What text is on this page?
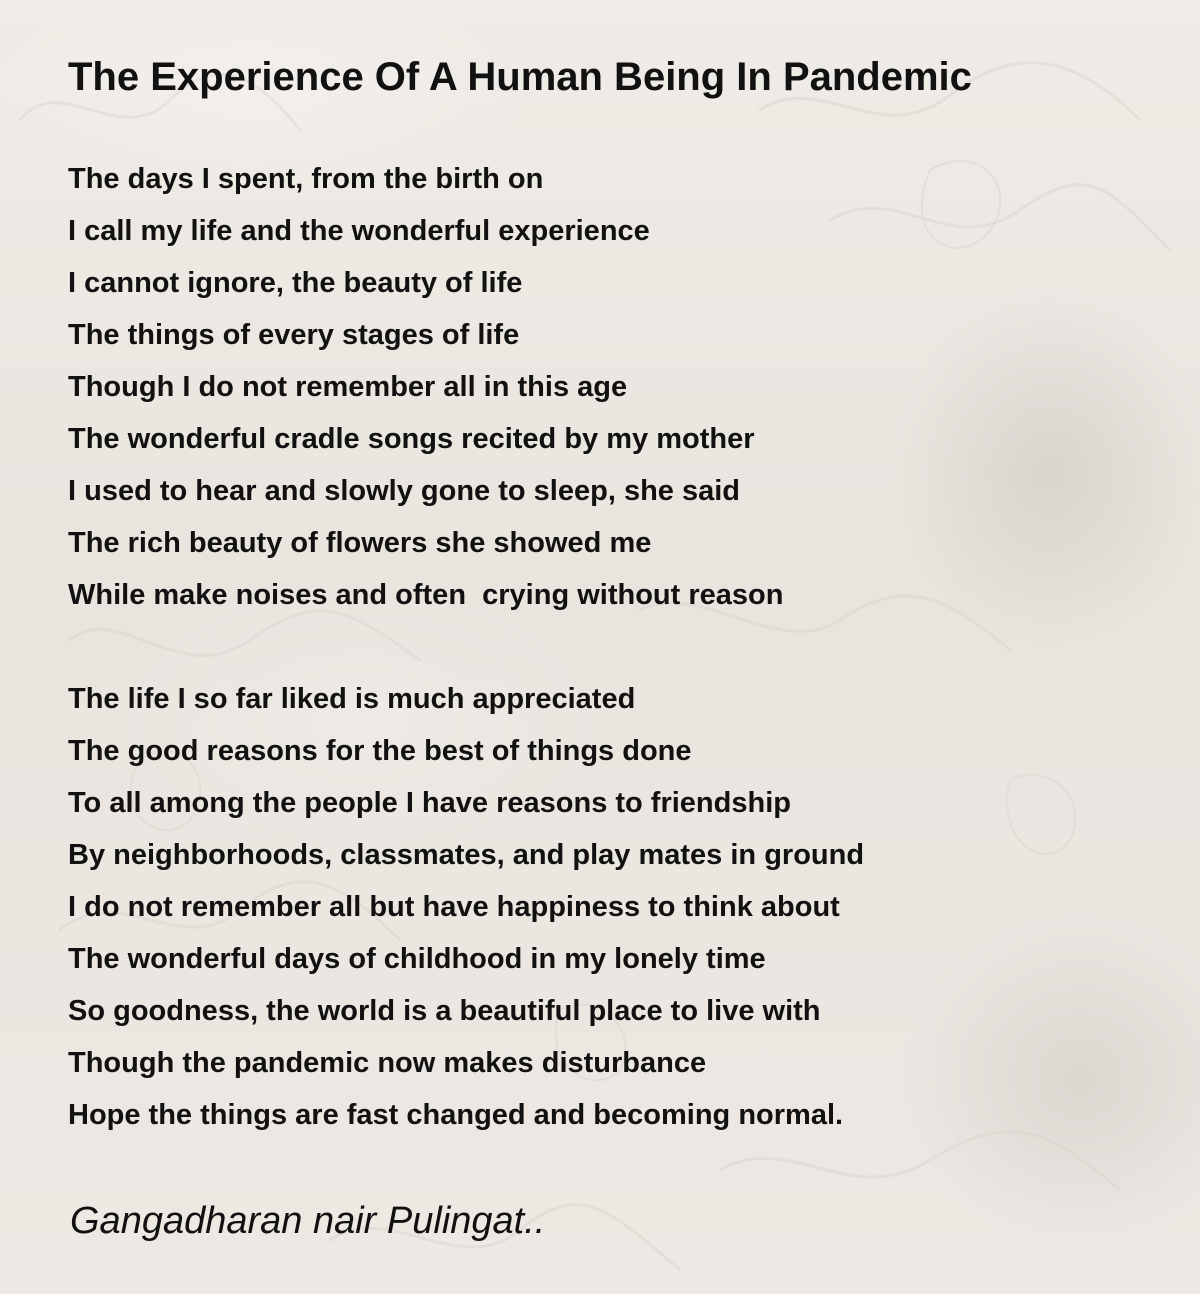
The Experience Of A Human Being In Pandemic
The days I spent, from the birth on
I call my life and the wonderful experience
I cannot ignore, the beauty of life
The things of every stages of life
Though I do not remember all in this age
The wonderful cradle songs recited by my mother
I used to hear and slowly gone to sleep, she said
The rich beauty of flowers she showed me
While make noises and often  crying without reason
The life I so far liked is much appreciated
The good reasons for the best of things done
To all among the people I have reasons to friendship
By neighborhoods, classmates, and play mates in ground
I do not remember all but have happiness to think about
The wonderful days of childhood in my lonely time
So goodness, the world is a beautiful place to live with
Though the pandemic now makes disturbance
Hope the things are fast changed and becoming normal.

Gangadharan nair Pulingat..
